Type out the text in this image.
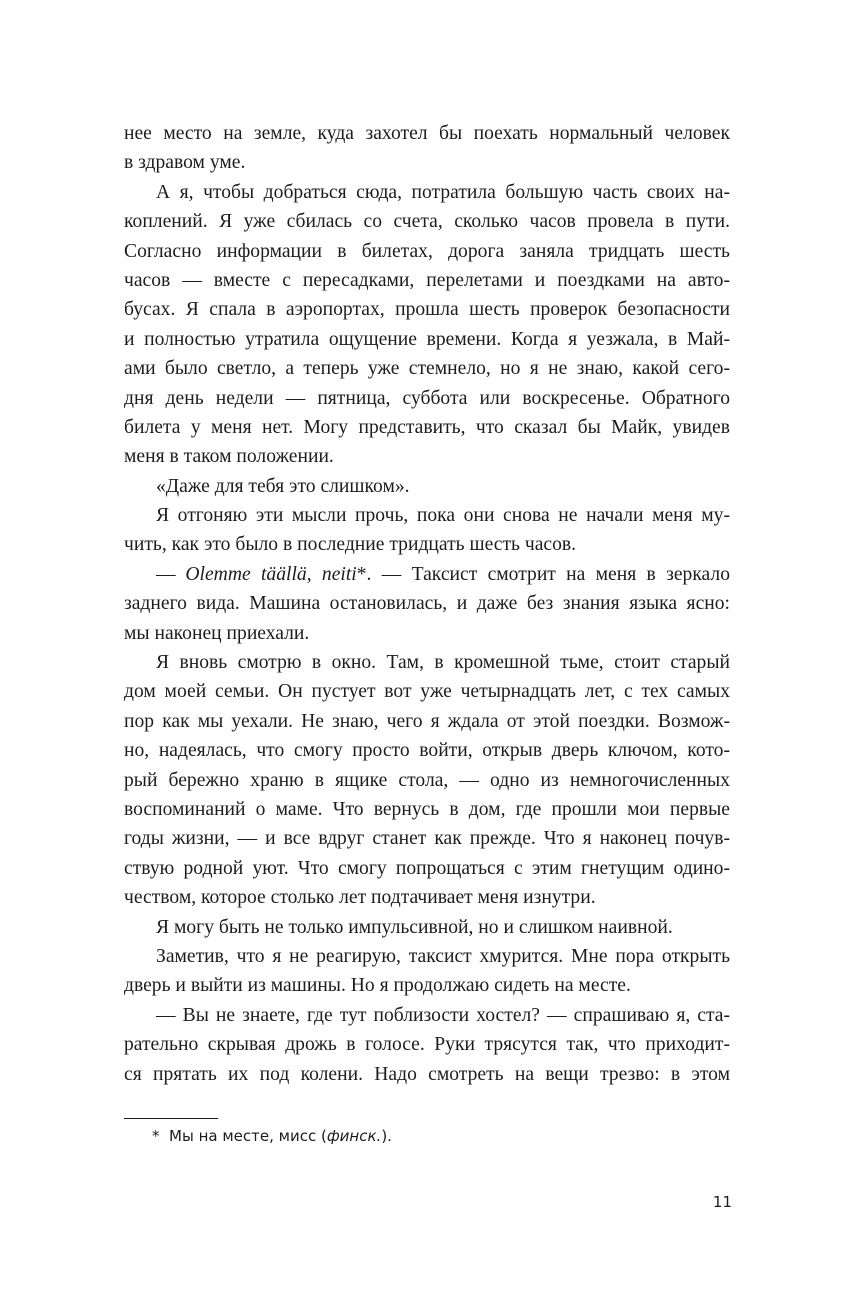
нее место на земле, куда захотел бы поехать нормальный человек
в здравом уме.
А я, чтобы добраться сюда, потратила большую часть своих на-
коплений. Я уже сбилась со счета, сколько часов провела в пути.
Согласно информации в билетах, дорога заняла тридцать шесть
часов — вместе с пересадками, перелетами и поездками на авто-
бусах. Я спала в аэропортах, прошла шесть проверок безопасности
и полностью утратила ощущение времени. Когда я уезжала, в Май-
ами было светло, а теперь уже стемнело, но я не знаю, какой сего-
дня день недели — пятница, суббота или воскресенье. Обратного
билета у меня нет. Могу представить, что сказал бы Майк, увидев
меня в таком положении.
«Даже для тебя это слишком».
Я отгоняю эти мысли прочь, пока они снова не начали меня му-
чить, как это было в последние тридцать шесть часов.
— Olemme täällä, neiti*. — Таксист смотрит на меня в зеркало
заднего вида. Машина остановилась, и даже без знания языка ясно:
мы наконец приехали.
Я вновь смотрю в окно. Там, в кромешной тьме, стоит старый
дом моей семьи. Он пустует вот уже четырнадцать лет, с тех самых
пор как мы уехали. Не знаю, чего я ждала от этой поездки. Возмож-
но, надеялась, что смогу просто войти, открыв дверь ключом, кото-
рый бережно храню в ящике стола, — одно из немногочисленных
воспоминаний о маме. Что вернусь в дом, где прошли мои первые
годы жизни, — и все вдруг станет как прежде. Что я наконец почув-
ствую родной уют. Что смогу попрощаться с этим гнетущим одино-
чеством, которое столько лет подтачивает меня изнутри.
Я могу быть не только импульсивной, но и слишком наивной.
Заметив, что я не реагирую, таксист хмурится. Мне пора открыть
дверь и выйти из машины. Но я продолжаю сидеть на месте.
— Вы не знаете, где тут поблизости хостел? — спрашиваю я, ста-
рательно скрывая дрожь в голосе. Руки трясутся так, что приходит-
ся прятать их под колени. Надо смотреть на вещи трезво: в этом
* Мы на месте, мисс (финск.).
11
